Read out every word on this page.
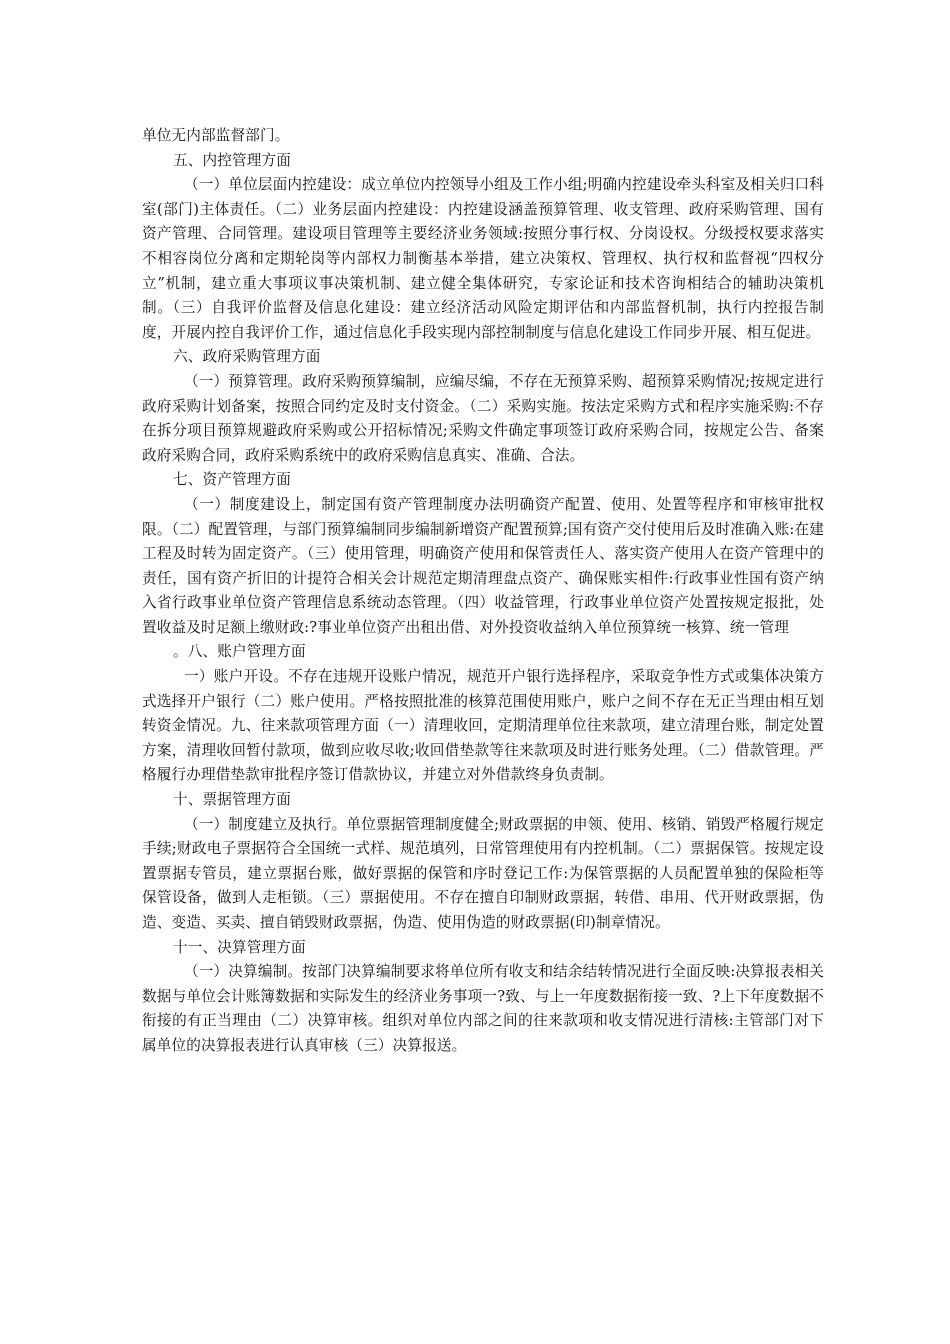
单位无内部监督部门。

五、内控管理方面

（一）单位层面内控建设：成立单位内控领导小组及工作小组;明确内控建设牵头科室及相关归口科室(部门)主体责任。（二）业务层面内控建设：内控建设涵盖预算管理、收支管理、政府采购管理、国有资产管理、合同管理。建设项目管理等主要经济业务领域:按照分事行权、分岗设权。分级授权要求落实不相容岗位分离和定期轮岗等内部权力制衡基本举措，建立决策权、管理权、执行权和监督视“四权分立”机制，建立重大事项议事决策机制、建立健全集体研究，专家论证和技术咨询相结合的辅助决策机制。（三）自我评价监督及信息化建设：建立经济活动风险定期评估和内部监督机制，执行内控报告制度，开展内控自我评价工作，通过信息化手段实现内部控制制度与信息化建设工作同步开展、相互促进。

六、政府采购管理方面

（一）预算管理。政府采购预算编制，应编尽编，不存在无预算采购、超预算采购情况;按规定进行政府采购计划备案，按照合同约定及时支付资金。（二）采购实施。按法定采购方式和程序实施采购:不存在拆分项目预算规避政府采购或公开招标情况;采购文件确定事项签订政府采购合同，按规定公告、备案政府采购合同，政府采购系统中的政府采购信息真实、准确、合法。

七、资产管理方面

（一）制度建设上，制定国有资产管理制度办法明确资产配置、使用、处置等程序和审核审批权限。（二）配置管理，与部门预算编制同步编制新增资产配置预算;国有资产交付使用后及时准确入账:在建工程及时转为固定资产。（三）使用管理，明确资产使用和保管责任人、落实资产使用人在资产管理中的责任，国有资产折旧的计提符合相关会计规范定期清理盘点资产、确保账实相件:行政事业性国有资产纳入省行政事业单位资产管理信息系统动态管理。（四）收益管理，行政事业单位资产处置按规定报批，处置收益及时足额上缴财政:?事业单位资产出租出借、对外投资收益纳入单位预算统一核算、统一管理

。八、账户管理方面

一）账户开设。不存在违规开设账户情况，规范开户银行选择程序，采取竞争性方式或集体决策方式选择开户银行（二）账户使用。严格按照批准的核算范围使用账户，账户之间不存在无正当理由相互划转资金情况。九、往来款项管理方面（一）清理收回，定期清理单位往来款项，建立清理台账，制定处置方案，清理收回暂付款项，做到应收尽收;收回借垫款等往来款项及时进行账务处理。（二）借款管理。严格履行办理借垫款审批程序签订借款协议，并建立对外借款终身负责制。

十、票据管理方面

（一）制度建立及执行。单位票据管理制度健全;财政票据的申领、使用、核销、销毁严格履行规定手续;财政电子票据符合全国统一式样、规范填列，日常管理使用有内控机制。（二）票据保管。按规定设置票据专管员，建立票据台账，做好票据的保管和序时登记工作:为保管票据的人员配置单独的保险柜等保管设备，做到人走柜锁。（三）票据使用。不存在擅自印制财政票据，转借、串用、代开财政票据，伪造、变造、买卖、擅自销毁财政票据，伪造、使用伪造的财政票据(印)制章情况。

十一、决算管理方面

（一）决算编制。按部门决算编制要求将单位所有收支和结余结转情况进行全面反映:决算报表相关数据与单位会计账簿数据和实际发生的经济业务事项一?致、与上一年度数据衔接一致、?上下年度数据不衔接的有正当理由（二）决算审核。组织对单位内部之间的往来款项和收支情况进行清核:主管部门对下属单位的决算报表进行认真审核（三）决算报送。
